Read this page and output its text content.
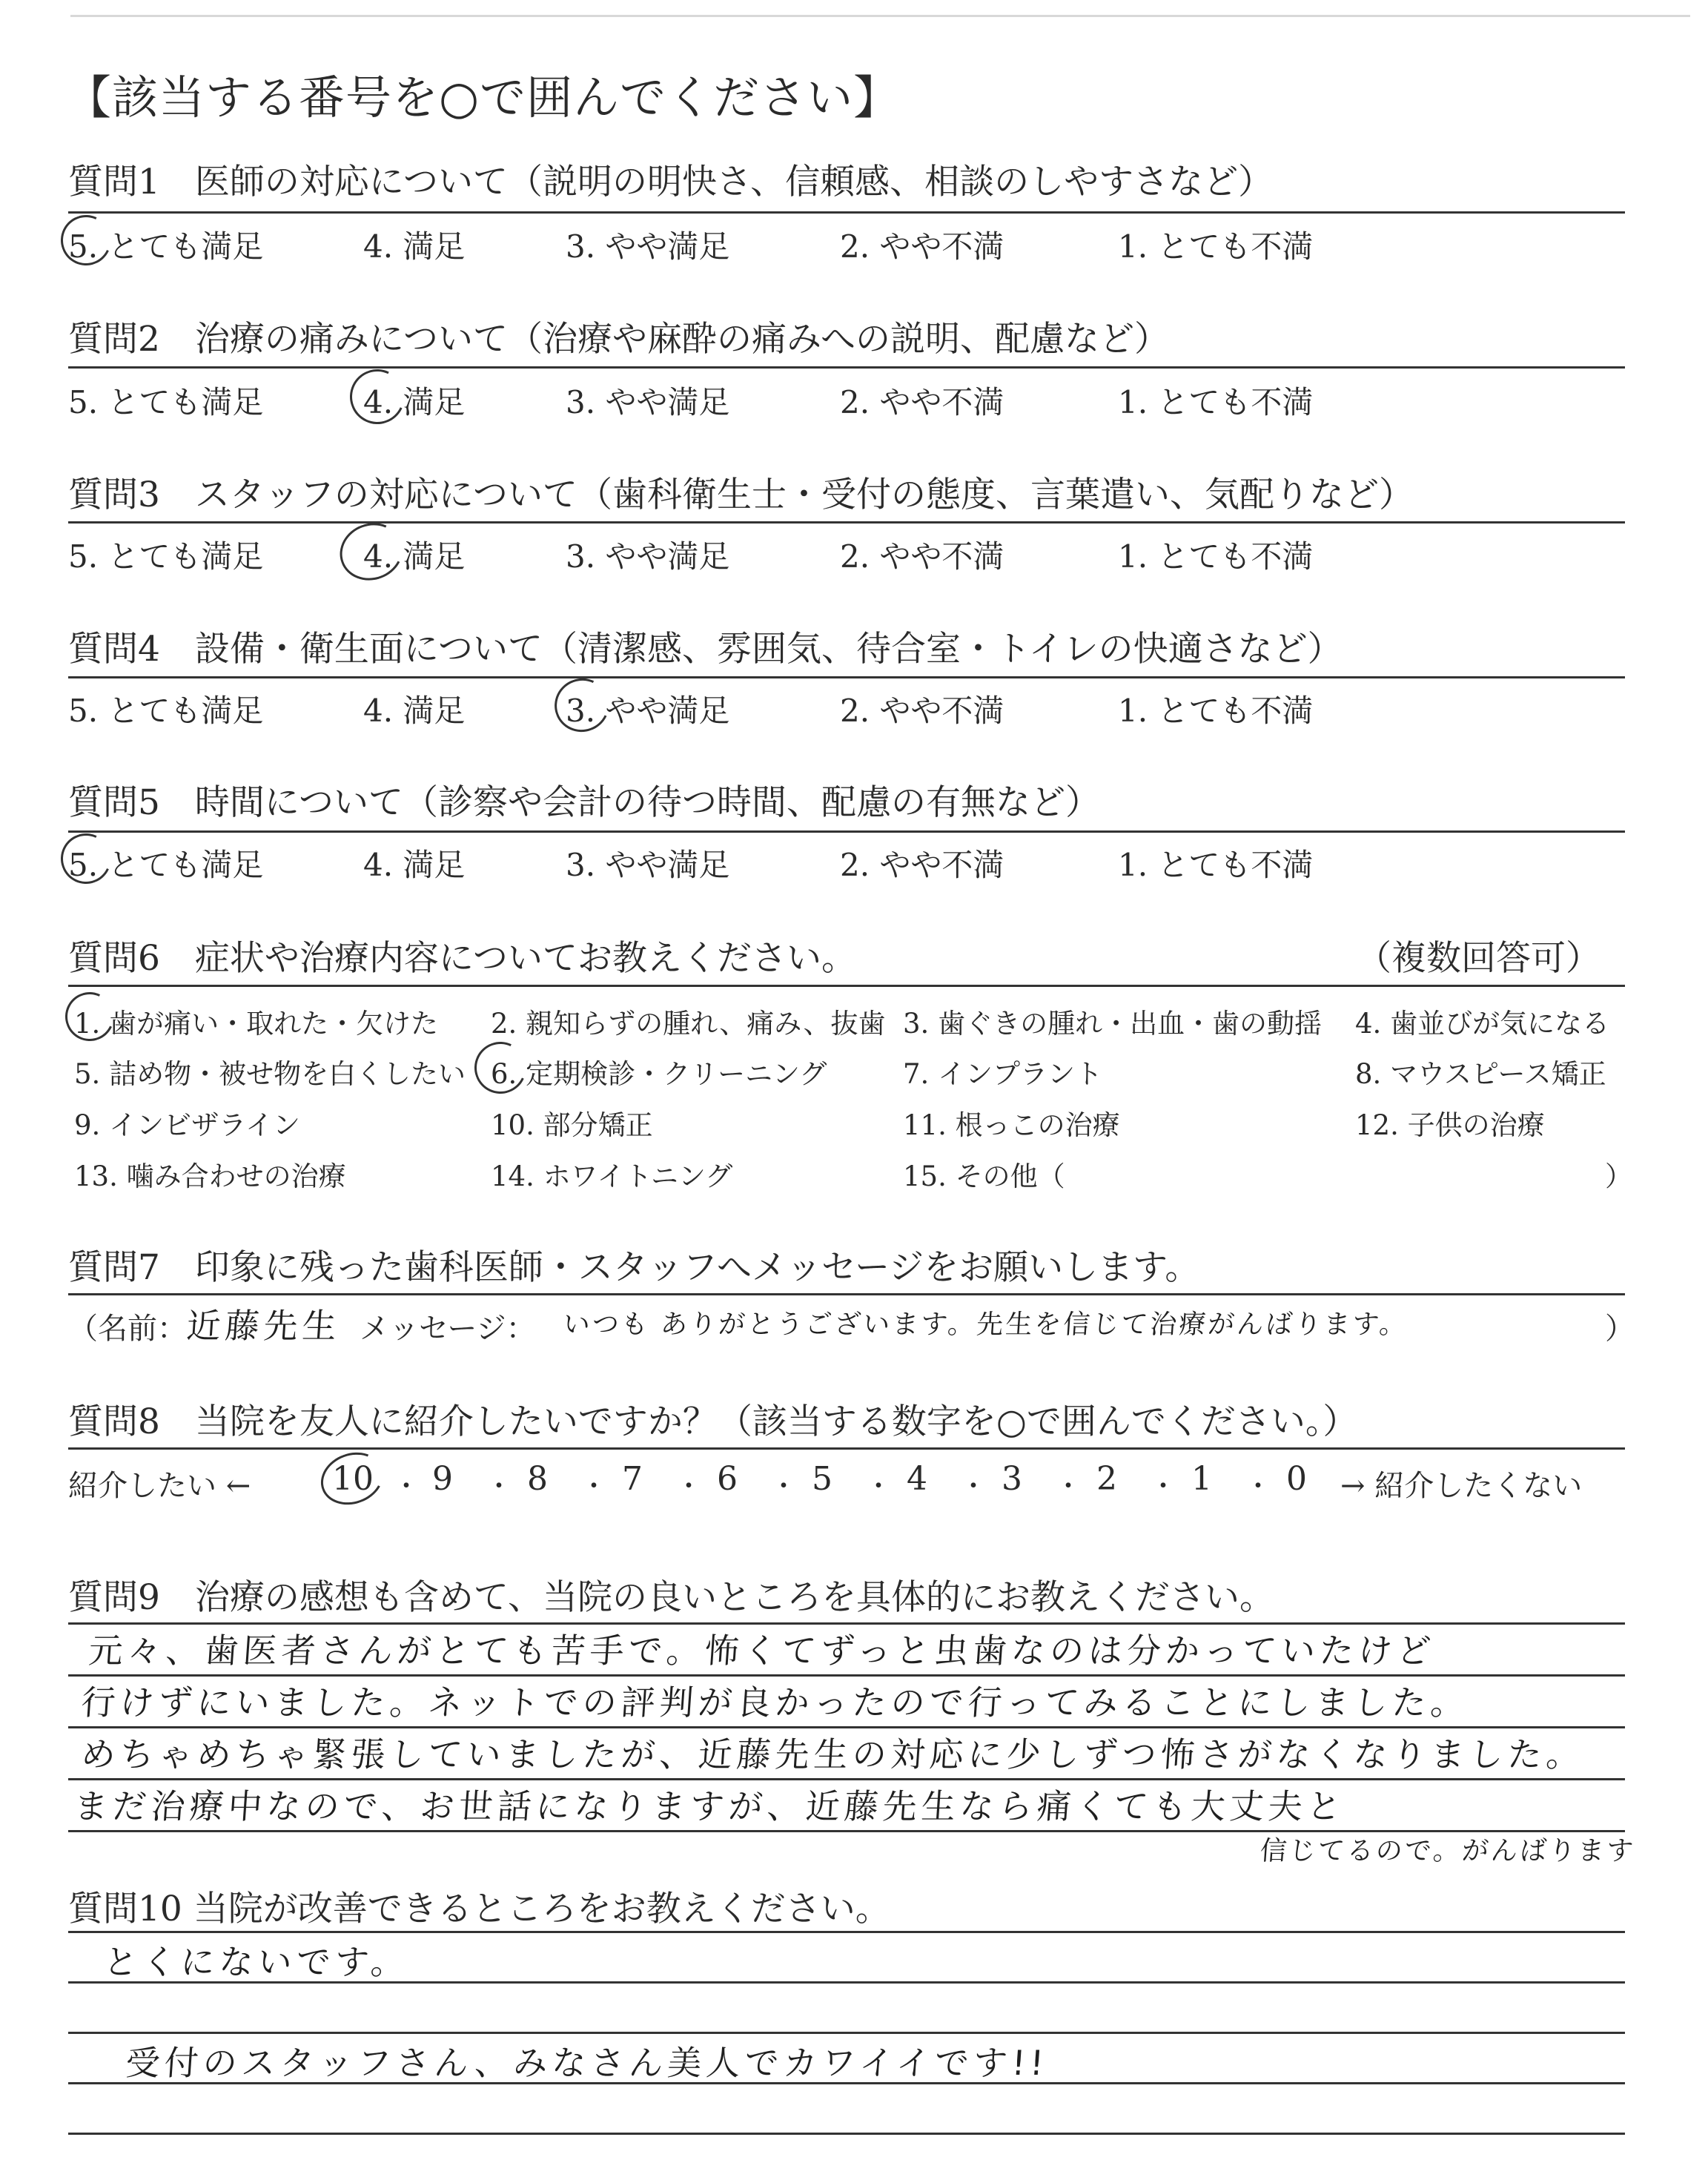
【該当する番号を○で囲んでください】
質問1　医師の対応について（説明の明快さ、信頼感、相談のしやすさなど）
5. とても満足	4. 満足	3. やや満足	2. やや不満	1. とても不満
質問2　治療の痛みについて（治療や麻酔の痛みへの説明、配慮など）
5. とても満足	4. 満足	3. やや満足	2. やや不満	1. とても不満
質問3　スタッフの対応について（歯科衛生士・受付の態度、言葉遣い、気配りなど）
5. とても満足	4. 満足	3. やや満足	2. やや不満	1. とても不満
質問4　設備・衛生面について（清潔感、雰囲気、待合室・トイレの快適さなど）
5. とても満足	4. 満足	3. やや満足	2. やや不満	1. とても不満
質問5　時間について（診察や会計の待つ時間、配慮の有無など）
5. とても満足	4. 満足	3. やや満足	2. やや不満	1. とても不満
質問6　症状や治療内容についてお教えください。	（複数回答可）
1. 歯が痛い・取れた・欠けた 2. 親知らずの腫れ、痛み、抜歯 3. 歯ぐきの腫れ・出血・歯の動揺 4. 歯並びが気になる
5. 詰め物・被せ物を白くしたい 6. 定期検診・クリーニング	7. インプラント	8. マウスピース矯正
9. インビザライン	10. 部分矯正	11. 根っこの治療	12. 子供の治療
13. 噛み合わせの治療	14. ホワイトニング	15. その他（	）
質問7　印象に残った歯科医師・スタッフへメッセージをお願いします。
（名前：
近藤先生 メッセージ： いつも ありがとうございます。先生を信じて治療がんばります。	）
質問8　当院を友人に紹介したいですか？（該当する数字を○で囲んでください。）
紹介したい ← 10 9 8 7 6 5 4 3 2 1 0
・ ・	・	・	・	・	・	・	・	・ → 紹介したくない
質問9　治療の感想も含めて、当院の良いところを具体的にお教えください。
元々、歯医者さんがとても苦手で。怖くてずっと虫歯なのは分かっていたけど
行けずにいました。ネットでの評判が良かったので行ってみることにしました。
めちゃめちゃ緊張していましたが、近藤先生の対応に少しずつ怖さがなくなりました。
まだ治療中なので、お世話になりますが、近藤先生なら痛くても大丈夫と
信じてるので。がんばります
質問10 当院が改善できるところをお教えください。
とくにないです。
受付のスタッフさん、みなさん美人でカワイイです!!
